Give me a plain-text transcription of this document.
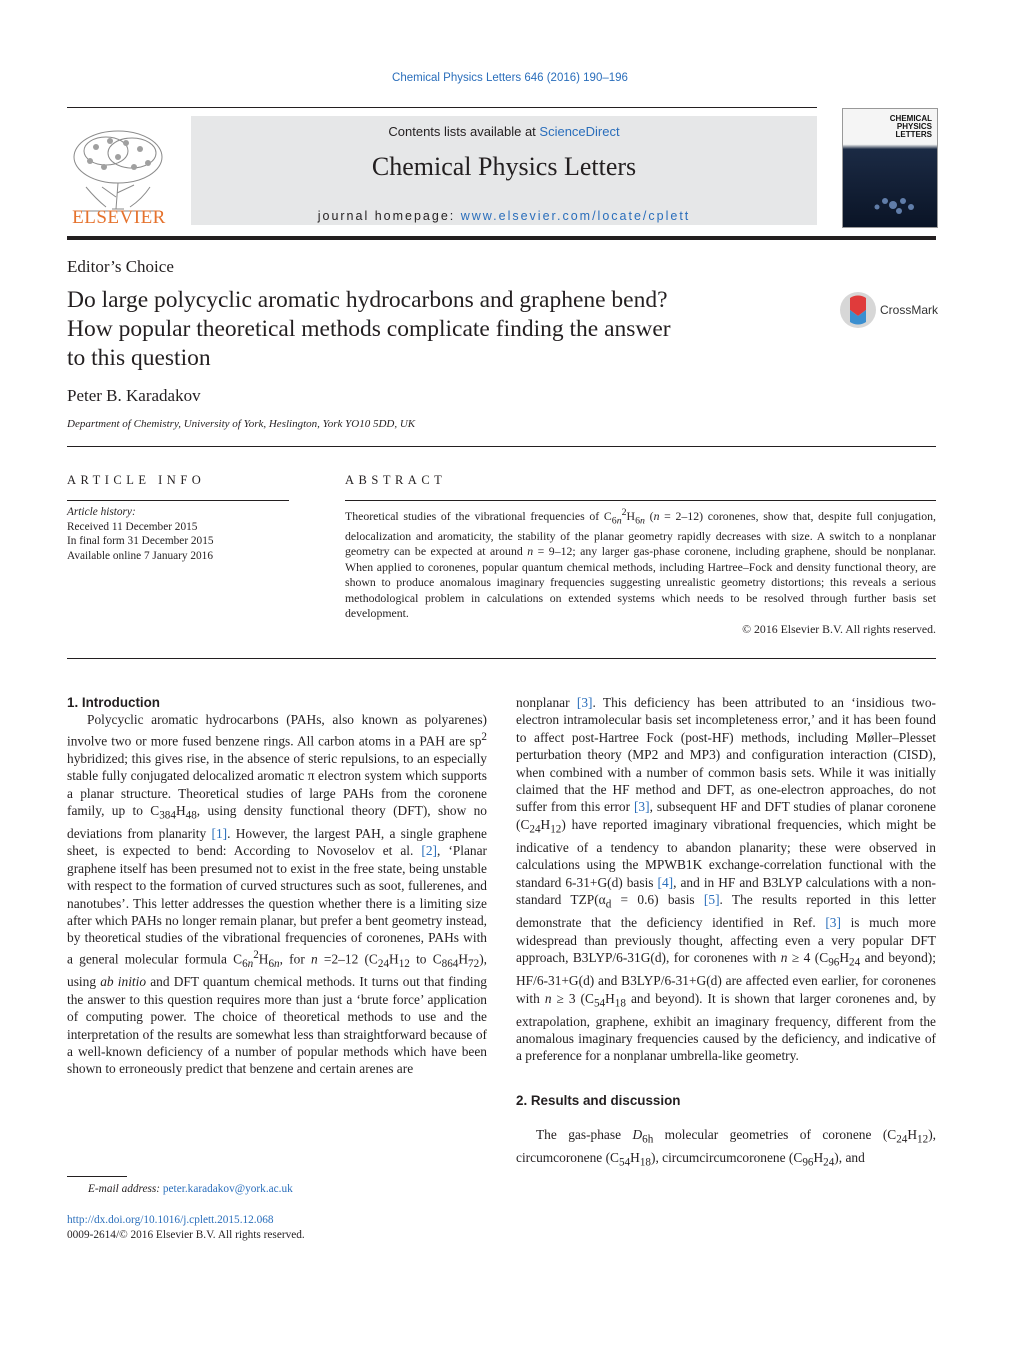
Chemical Physics Letters 646 (2016) 190–196
ELSEVIER
Contents lists available at ScienceDirect
Chemical Physics Letters
journal homepage: www.elsevier.com/locate/cplett
CHEMICAL PHYSICS LETTERS
Editor’s Choice
Do large polycyclic aromatic hydrocarbons and graphene bend?
How popular theoretical methods complicate finding the answer
to this question
CrossMark
Peter B. Karadakov
Department of Chemistry, University of York, Heslington, York YO10 5DD, UK
ARTICLE INFO	ABSTRACT
Article history:
Received 11 December 2015
In final form 31 December 2015
Available online 7 January 2016
Theoretical studies of the vibrational frequencies of $C_{6n}^2H_{6n}$ (n = 2–12) coronenes, show that, despite full conjugation, delocalization and aromaticity, the stability of the planar geometry rapidly decreases with size. A switch to a nonplanar geometry can be expected at around n = 9–12; any larger gas-phase coronene, including graphene, should be nonplanar. When applied to coronenes, popular quantum chemical methods, including Hartree–Fock and density functional theory, are shown to produce anomalous imaginary frequencies suggesting unrealistic geometry distortions; this reveals a serious methodological problem in calculations on extended systems which needs to be resolved through further basis set development.
© 2016 Elsevier B.V. All rights reserved.

1. Introduction

Polycyclic aromatic hydrocarbons (PAHs, also known as polyarenes) involve two or more fused benzene rings. All carbon atoms in a PAH are $sp^2$ hybridized; this gives rise, in the absence of steric repulsions, to an especially stable fully conjugated delocalized aromatic π electron system which supports a planar structure. Theoretical studies of large PAHs from the coronene family, up to $C_{384}H_{48}$, using density functional theory (DFT), show no deviations from planarity [1]. However, the largest PAH, a single graphene sheet, is expected to bend: According to Novoselov et al. [2], ‘Planar graphene itself has been presumed not to exist in the free state, being unstable with respect to the formation of curved structures such as soot, fullerenes, and nanotubes’. This letter addresses the question whether there is a limiting size after which PAHs no longer remain planar, but prefer a bent geometry instead, by theoretical studies of the vibrational frequencies of coronenes, PAHs with a general molecular formula $C_{6n}^2H_{6n}$, for n =2–12 ($C_{24}H_{12}$ to $C_{864}H_{72}$), using ab initio and DFT quantum chemical methods. It turns out that finding the answer to this question requires more than just a ‘brute force’ application of computing power. The choice of theoretical methods to use and the interpretation of the results are somewhat less than straightforward because of a well-known deficiency of a number of popular methods which have been shown to erroneously predict that benzene and certain arenes are

nonplanar [3]. This deficiency has been attributed to an ‘insidious two-electron intramolecular basis set incompleteness error,’ and it has been found to affect post-Hartree Fock (post-HF) methods, including Møller–Plesset perturbation theory (MP2 and MP3) and configuration interaction (CISD), when combined with a number of common basis sets. While it was initially claimed that the HF method and DFT, as one-electron approaches, do not suffer from this error [3], subsequent HF and DFT studies of planar coronene $(C_{24}H_{12})$ have reported imaginary vibrational frequencies, which might be indicative of a tendency to abandon planarity; these were observed in calculations using the MPWB1K exchange-correlation functional with the standard 6-31+G(d) basis [4], and in HF and B3LYP calculations with a non-standard $TZP(\alpha_d = 0.6)$ basis [5]. The results reported in this letter demonstrate that the deficiency identified in Ref. [3] is much more widespread than previously thought, affecting even a very popular DFT approach, B3LYP/6-31G(d), for coronenes with n ≥ 4 ($C_{96}H_{24}$ and beyond); HF/6-31+G(d) and B3LYP/6-31+G(d) are affected even earlier, for coronenes with n ≥ 3 ($C_{54}H_{18}$ and beyond). It is shown that larger coronenes and, by extrapolation, graphene, exhibit an imaginary frequency, different from the anomalous imaginary frequencies caused by the deficiency, and indicative of a preference for a nonplanar umbrella-like geometry.

2. Results and discussion

The gas-phase $D_{6h}$ molecular geometries of coronene $(C_{24}H_{12})$, circumcoronene $(C_{54}H_{18})$, circumcircumcoronene $(C_{96}H_{24})$, and

E-mail address: peter.karadakov@york.ac.uk
http://dx.doi.org/10.1016/j.cplett.2015.12.068
0009-2614/© 2016 Elsevier B.V. All rights reserved.
